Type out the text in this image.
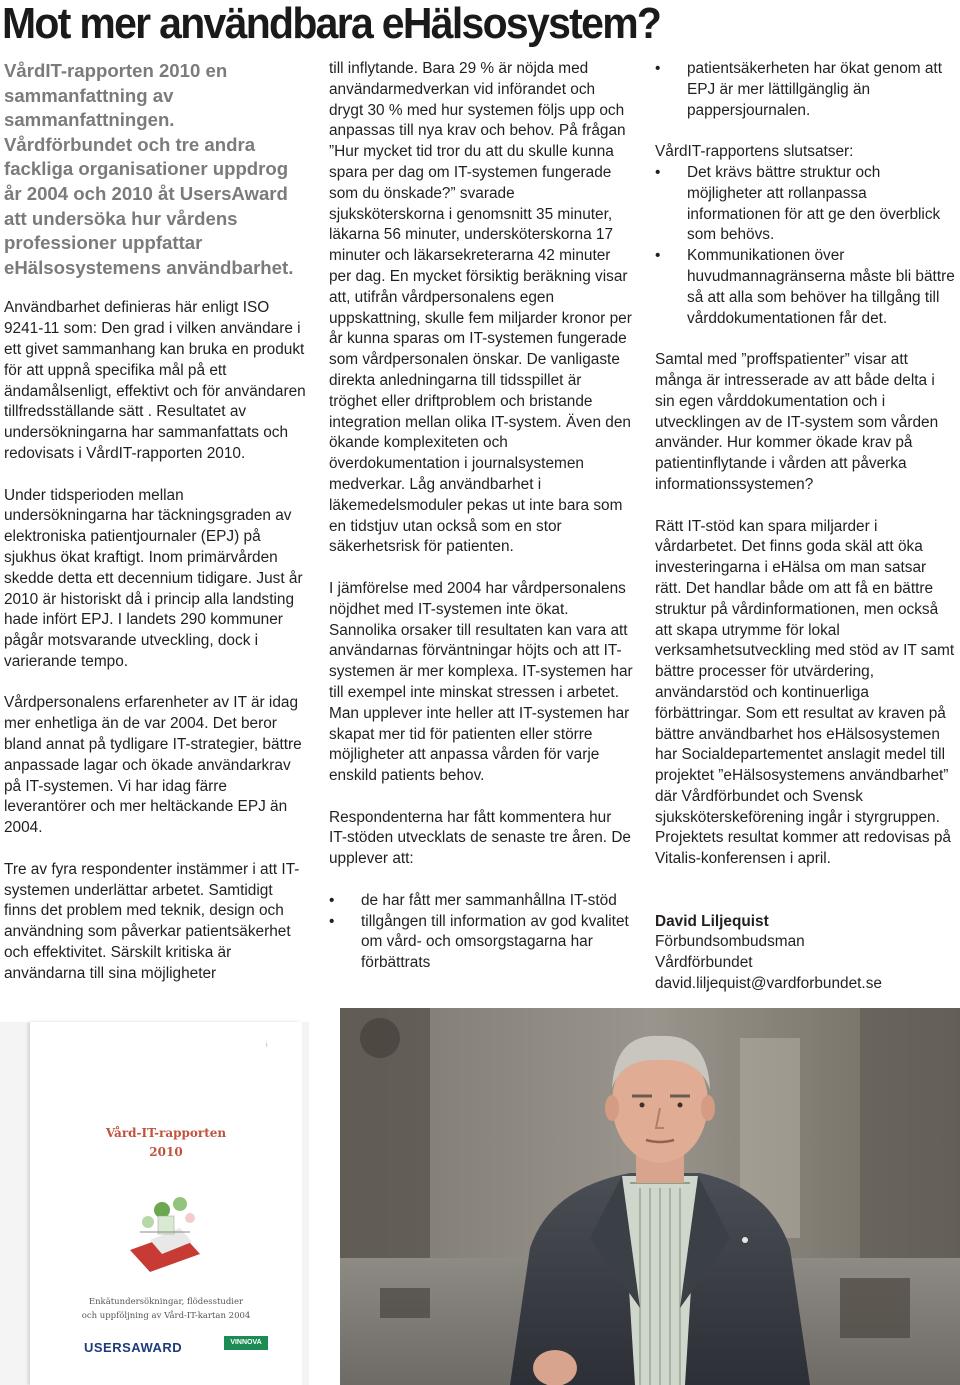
Mot mer användbara eHälsosystem?

VårdIT-rapporten 2010 en sammanfattning av sammanfattningen. Vårdförbundet och tre andra fackliga organisationer uppdrog år 2004 och 2010 åt UsersAward att undersöka hur vårdens professioner uppfattar eHälsosystemens användbarhet.

Användbarhet definieras här enligt ISO 9241-11 som: Den grad i vilken användare i ett givet sammanhang kan bruka en produkt för att uppnå specifika mål på ett ändamålsenligt, effektivt och för användaren tillfredsställande sätt . Resultatet av undersökningarna har sammanfattats och redovisats i VårdIT-rapporten 2010.

Under tidsperioden mellan undersökningarna har täckningsgraden av elektroniska patientjournaler (EPJ) på sjukhus ökat kraftigt. Inom primärvården skedde detta ett decennium tidigare. Just år 2010 är historiskt då i princip alla landsting hade infört EPJ. I landets 290 kommuner pågår motsvarande utveckling, dock i varierande tempo.

Vårdpersonalens erfarenheter av IT är idag mer enhetliga än de var 2004. Det beror bland annat på tydligare IT-strategier, bättre anpassade lagar och ökade användarkrav på IT-systemen. Vi har idag färre leverantörer och mer heltäckande EPJ än 2004.

Tre av fyra respondenter instämmer i att IT-systemen underlättar arbetet. Samtidigt finns det problem med teknik, design och användning som påverkar patientsäkerhet och effektivitet. Särskilt kritiska är användarna till sina möjligheter

till inflytande. Bara 29 % är nöjda med användarmedverkan vid införandet och drygt 30 % med hur systemen följs upp och anpassas till nya krav och behov. På frågan ”Hur mycket tid tror du att du skulle kunna spara per dag om IT-systemen fungerade som du önskade?” svarade sjuksköterskorna i genomsnitt 35 minuter, läkarna 56 minuter, undersköterskorna 17 minuter och läkarsekreterarna 42 minuter per dag. En mycket försiktig beräkning visar att, utifrån vårdpersonalens egen uppskattning, skulle fem miljarder kronor per år kunna sparas om IT-systemen fungerade som vårdpersonalen önskar. De vanligaste direkta anledningarna till tidsspillet är tröghet eller driftproblem och bristande integration mellan olika IT-system. Även den ökande komplexiteten och överdokumentation i journalsystemen medverkar. Låg användbarhet i läkemedelsmoduler pekas ut inte bara som en tidstjuv utan också som en stor säkerhetsrisk för patienten.

I jämförelse med 2004 har vårdpersonalens nöjdhet med IT-systemen inte ökat. Sannolika orsaker till resultaten kan vara att användarnas förväntningar höjts och att IT-systemen är mer komplexa. IT-systemen har till exempel inte minskat stressen i arbetet. Man upplever inte heller att IT-systemen har skapat mer tid för patienten eller större möjligheter att anpassa vården för varje enskild patients behov.

Respondenterna har fått kommentera hur IT-stöden utvecklats de senaste tre åren. De upplever att:

• de har fått mer sammanhållna IT-stöd
• tillgången till information av god kvalitet om vård- och omsorgstagarna har förbättrats
• patientsäkerheten har ökat genom att EPJ är mer lättillgänglig än pappersjournalen.

VårdIT-rapportens slutsatser:

• Det krävs bättre struktur och möjligheter att rollanpassa informationen för att ge den överblick som behövs.
• Kommunikationen över huvudmannagränserna måste bli bättre så att alla som behöver ha tillgång till vårddokumentationen får det.

Samtal med ”proffspatienter” visar att många är intresserade av att både delta i sin egen vårddokumentation och i utvecklingen av de IT-system som vården använder. Hur kommer ökade krav på patientinflytande i vården att påverka informationssystemen?

Rätt IT-stöd kan spara miljarder i vårdarbetet. Det finns goda skäl att öka investeringarna i eHälsa om man satsar rätt. Det handlar både om att få en bättre struktur på vårdinformationen, men också att skapa utrymme för lokal verksamhetsutveckling med stöd av IT samt bättre processer för utvärdering, användarstöd och kontinuerliga förbättringar. Som ett resultat av kraven på bättre användbarhet hos eHälsosystemen har Socialdepartementet anslagit medel till projektet ”eHälsosystemens användbarhet” där Vårdförbundet och Svensk sjuksköterskeförening ingår i styrgruppen. Projektets resultat kommer att redovisas på Vitalis-konferensen i april.

David Liljequist
Förbundsombudsman
Vårdförbundet
david.liljequist@vardforbundet.se
i
Vård-IT-rapporten
2010
Enkätundersökningar, flödesstudier
och uppföljning av Vård-IT-kartan 2004
USERSAWARD	VINNOVA
